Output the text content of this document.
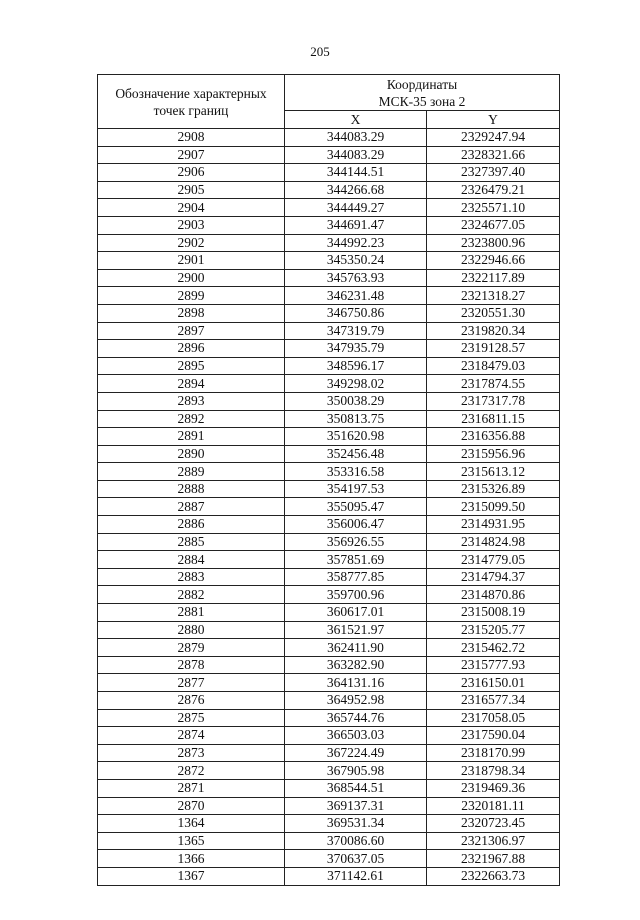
205
Обозначение характерных точек границ	Координаты
МСК-35 зона 2	

	X	Y
2908	344083.29	2329247.94
2907	344083.29	2328321.66
2906	344144.51	2327397.40
2905	344266.68	2326479.21
2904	344449.27	2325571.10
2903	344691.47	2324677.05
2902	344992.23	2323800.96
2901	345350.24	2322946.66
2900	345763.93	2322117.89
2899	346231.48	2321318.27
2898	346750.86	2320551.30
2897	347319.79	2319820.34
2896	347935.79	2319128.57
2895	348596.17	2318479.03
2894	349298.02	2317874.55
2893	350038.29	2317317.78
2892	350813.75	2316811.15
2891	351620.98	2316356.88
2890	352456.48	2315956.96
2889	353316.58	2315613.12
2888	354197.53	2315326.89
2887	355095.47	2315099.50
2886	356006.47	2314931.95
2885	356926.55	2314824.98
2884	357851.69	2314779.05
2883	358777.85	2314794.37
2882	359700.96	2314870.86
2881	360617.01	2315008.19
2880	361521.97	2315205.77
2879	362411.90	2315462.72
2878	363282.90	2315777.93
2877	364131.16	2316150.01
2876	364952.98	2316577.34
2875	365744.76	2317058.05
2874	366503.03	2317590.04
2873	367224.49	2318170.99
2872	367905.98	2318798.34
2871	368544.51	2319469.36
2870	369137.31	2320181.11
1364	369531.34	2320723.45
1365	370086.60	2321306.97
1366	370637.05	2321967.88
1367	371142.61	2322663.73
